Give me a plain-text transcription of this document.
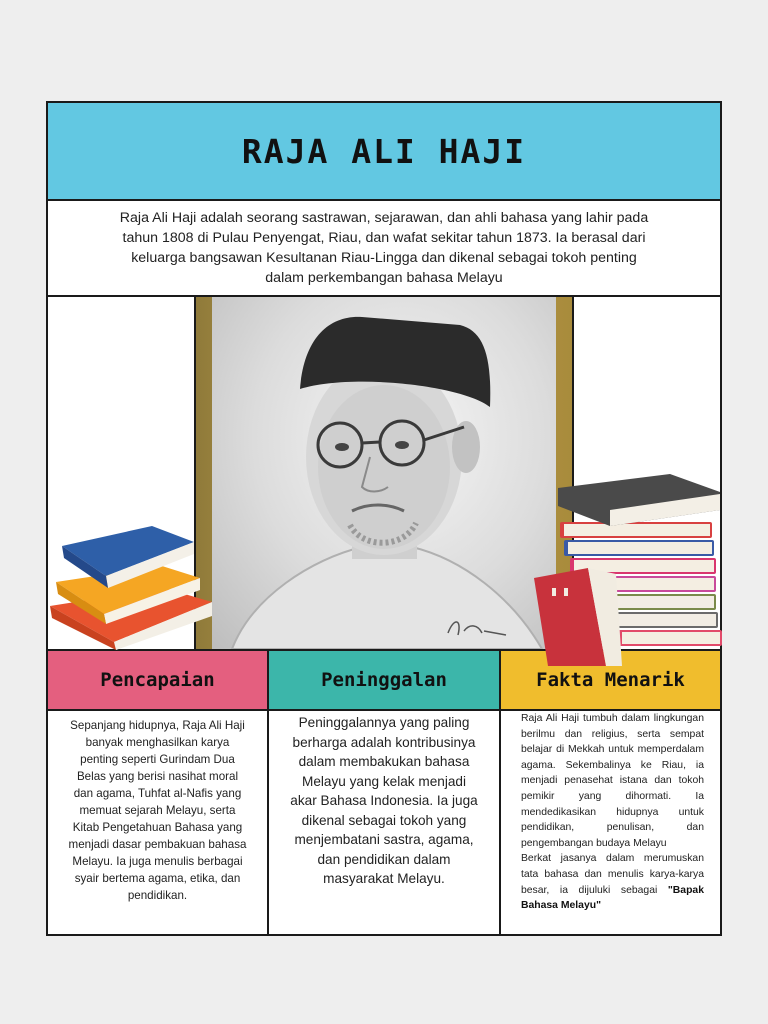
RAJA ALI HAJI

Raja Ali Haji adalah seorang sastrawan, sejarawan, dan ahli bahasa yang lahir pada tahun 1808 di Pulau Penyengat, Riau, dan wafat sekitar tahun 1873. Ia berasal dari keluarga bangsawan Kesultanan Riau-Lingga dan dikenal sebagai tokoh penting dalam perkembangan bahasa Melayu

Pencapaian	Peninggalan	Fakta Menarik
Sepanjang hidupnya, Raja Ali Haji banyak menghasilkan karya penting seperti Gurindam Dua Belas yang berisi nasihat moral dan agama, Tuhfat al-Nafis yang memuat sejarah Melayu, serta Kitab Pengetahuan Bahasa yang menjadi dasar pembakuan bahasa Melayu. Ia juga menulis berbagai syair bertema agama, etika, dan pendidikan.
Peninggalannya yang paling berharga adalah kontribusinya dalam membakukan bahasa Melayu yang kelak menjadi akar Bahasa Indonesia. Ia juga dikenal sebagai tokoh yang menjembatani sastra, agama, dan pendidikan dalam masyarakat Melayu.
Raja Ali Haji tumbuh dalam lingkungan berilmu dan religius, serta sempat belajar di Mekkah untuk memperdalam agama. Sekembalinya ke Riau, ia menjadi penasehat istana dan tokoh pemikir yang dihormati. Ia mendedikasikan hidupnya untuk pendidikan, penulisan, dan pengembangan budaya Melayu
Berkat jasanya dalam merumuskan tata bahasa dan menulis karya-karya besar, ia dijuluki sebagai "Bapak Bahasa Melayu"
